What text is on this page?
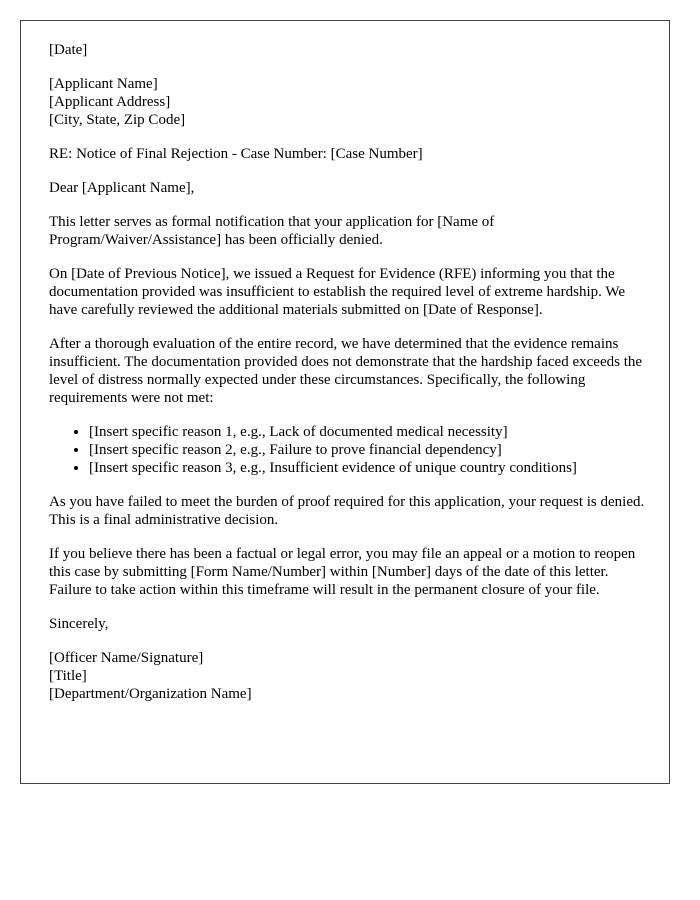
[Date]

[Applicant Name]
[Applicant Address]
[City, State, Zip Code]

RE: Notice of Final Rejection - Case Number: [Case Number]

Dear [Applicant Name],

This letter serves as formal notification that your application for [Name of Program/Waiver/Assistance] has been officially denied.

On [Date of Previous Notice], we issued a Request for Evidence (RFE) informing you that the documentation provided was insufficient to establish the required level of extreme hardship. We have carefully reviewed the additional materials submitted on [Date of Response].

After a thorough evaluation of the entire record, we have determined that the evidence remains insufficient. The documentation provided does not demonstrate that the hardship faced exceeds the level of distress normally expected under these circumstances. Specifically, the following requirements were not met:

• [Insert specific reason 1, e.g., Lack of documented medical necessity]
• [Insert specific reason 2, e.g., Failure to prove financial dependency]
• [Insert specific reason 3, e.g., Insufficient evidence of unique country conditions]

As you have failed to meet the burden of proof required for this application, your request is denied. This is a final administrative decision.

If you believe there has been a factual or legal error, you may file an appeal or a motion to reopen this case by submitting [Form Name/Number] within [Number] days of the date of this letter. Failure to take action within this timeframe will result in the permanent closure of your file.

Sincerely,

[Officer Name/Signature]
[Title]
[Department/Organization Name]
